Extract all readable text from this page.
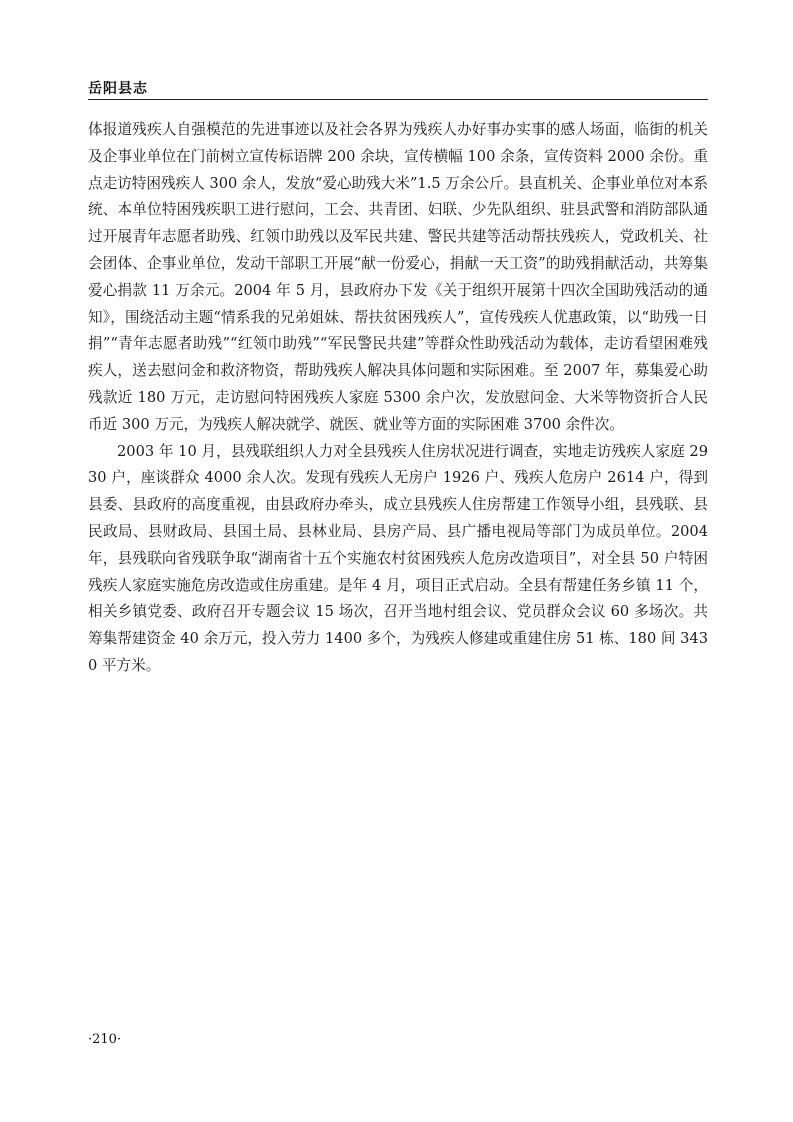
岳阳县志

体报道残疾人自强模范的先进事迹以及社会各界为残疾人办好事办实事的感人场面，临街的机关及企事业单位在门前树立宣传标语牌 200 余块，宣传横幅 100 余条，宣传资料 2000 余份。重点走访特困残疾人 300 余人，发放“爱心助残大米”1.5 万余公斤。县直机关、企事业单位对本系统、本单位特困残疾职工进行慰问，工会、共青团、妇联、少先队组织、驻县武警和消防部队通过开展青年志愿者助残、红领巾助残以及军民共建、警民共建等活动帮扶残疾人，党政机关、社会团体、企事业单位，发动干部职工开展“献一份爱心，捐献一天工资”的助残捐献活动，共筹集爱心捐款 11 万余元。2004 年 5 月，县政府办下发《关于组织开展第十四次全国助残活动的通知》，围绕活动主题“情系我的兄弟姐妹、帮扶贫困残疾人”，宣传残疾人优惠政策，以“助残一日捐”“青年志愿者助残”“红领巾助残”“军民警民共建”等群众性助残活动为载体，走访看望困难残疾人，送去慰问金和救济物资，帮助残疾人解决具体问题和实际困难。至 2007 年，募集爱心助残款近 180 万元，走访慰问特困残疾人家庭 5300 余户次，发放慰问金、大米等物资折合人民币近 300 万元，为残疾人解决就学、就医、就业等方面的实际困难 3700 余件次。

2003 年 10 月，县残联组织人力对全县残疾人住房状况进行调查，实地走访残疾人家庭 2930 户，座谈群众 4000 余人次。发现有残疾人无房户 1926 户、残疾人危房户 2614 户，得到县委、县政府的高度重视，由县政府办牵头，成立县残疾人住房帮建工作领导小组，县残联、县民政局、县财政局、县国土局、县林业局、县房产局、县广播电视局等部门为成员单位。2004 年，县残联向省残联争取“湖南省十五个实施农村贫困残疾人危房改造项目”，对全县 50 户特困残疾人家庭实施危房改造或住房重建。是年 4 月，项目正式启动。全县有帮建任务乡镇 11 个，相关乡镇党委、政府召开专题会议 15 场次，召开当地村组会议、党员群众会议 60 多场次。共筹集帮建资金 40 余万元，投入劳力 1400 多个，为残疾人修建或重建住房 51 栋、180 间 3430 平方米。

·210·
